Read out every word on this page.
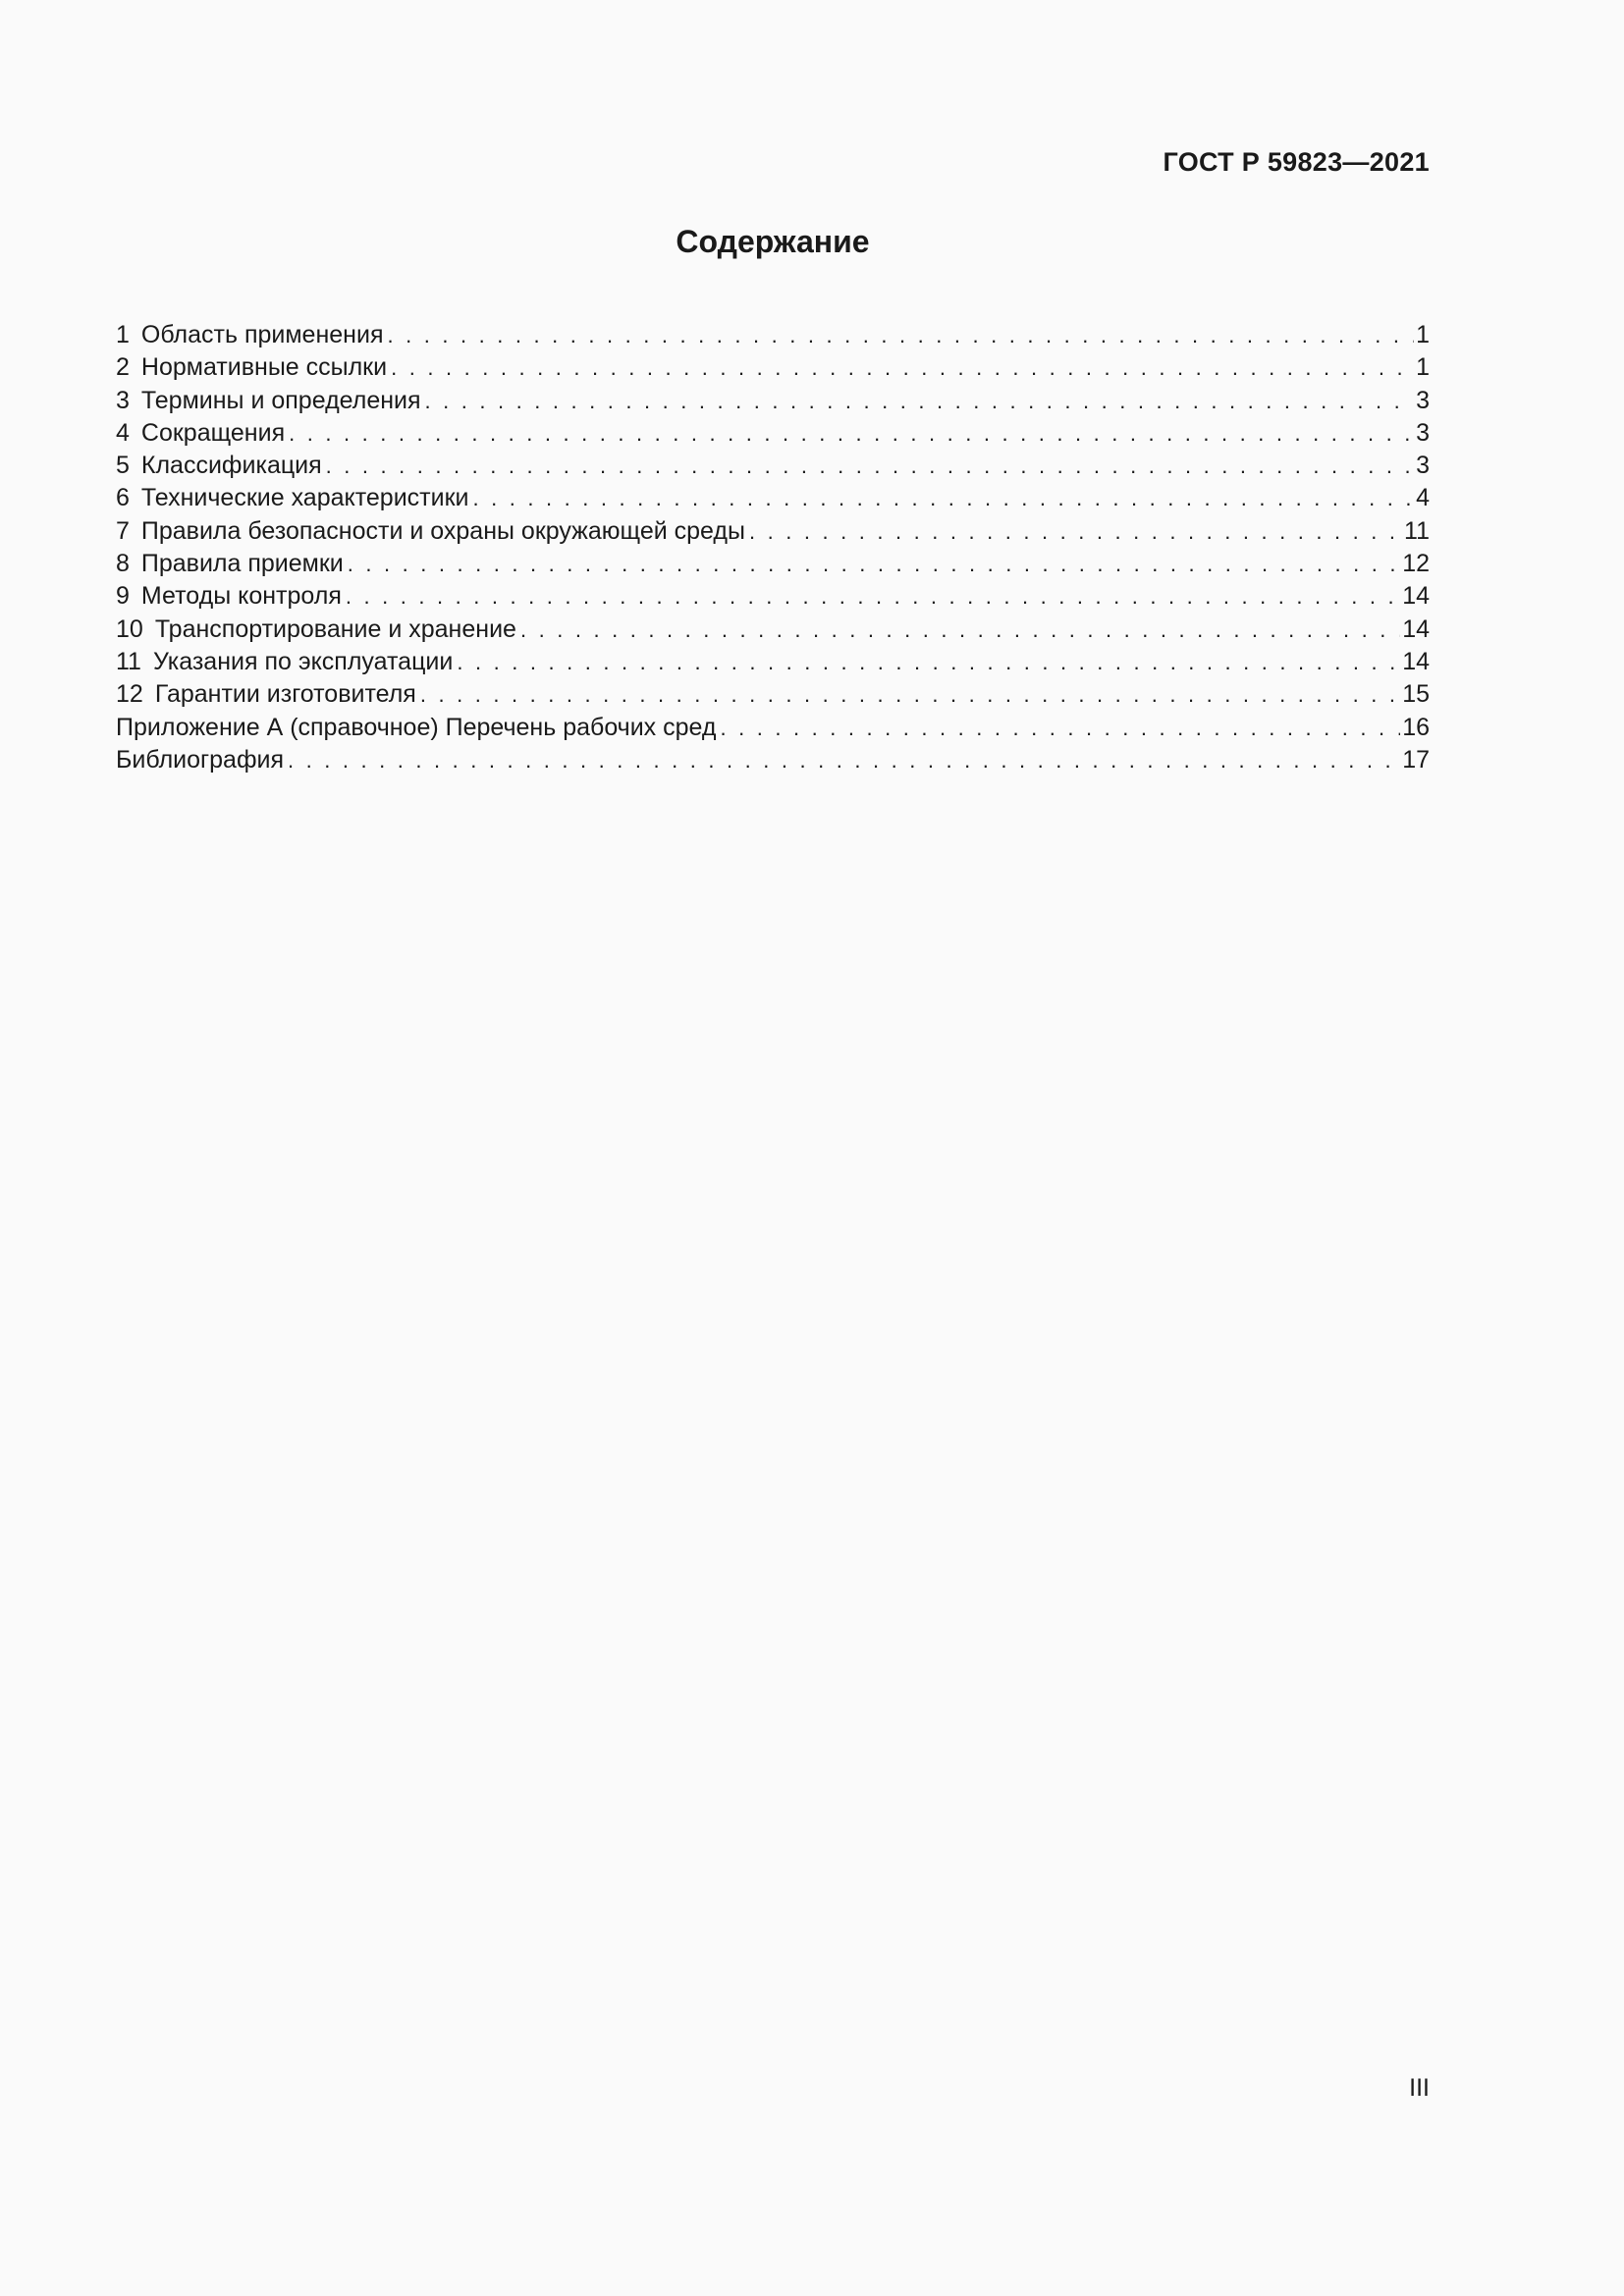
ГОСТ Р 59823—2021
Содержание
1 Область применения . . .	1
2 Нормативные ссылки . . .	1
3 Термины и определения . . .	3
4 Сокращения . . .	3
5 Классификация . . .	3
6 Технические характеристики . . .	4
7 Правила безопасности и охраны окружающей среды . . .	11
8 Правила приемки . . .	12
9 Методы контроля . . .	14
10 Транспортирование и хранение . . .	14
11 Указания по эксплуатации . . .	14
12 Гарантии изготовителя . . .	15
Приложение А (справочное) Перечень рабочих сред . . .	16
Библиография . . .	17
III
